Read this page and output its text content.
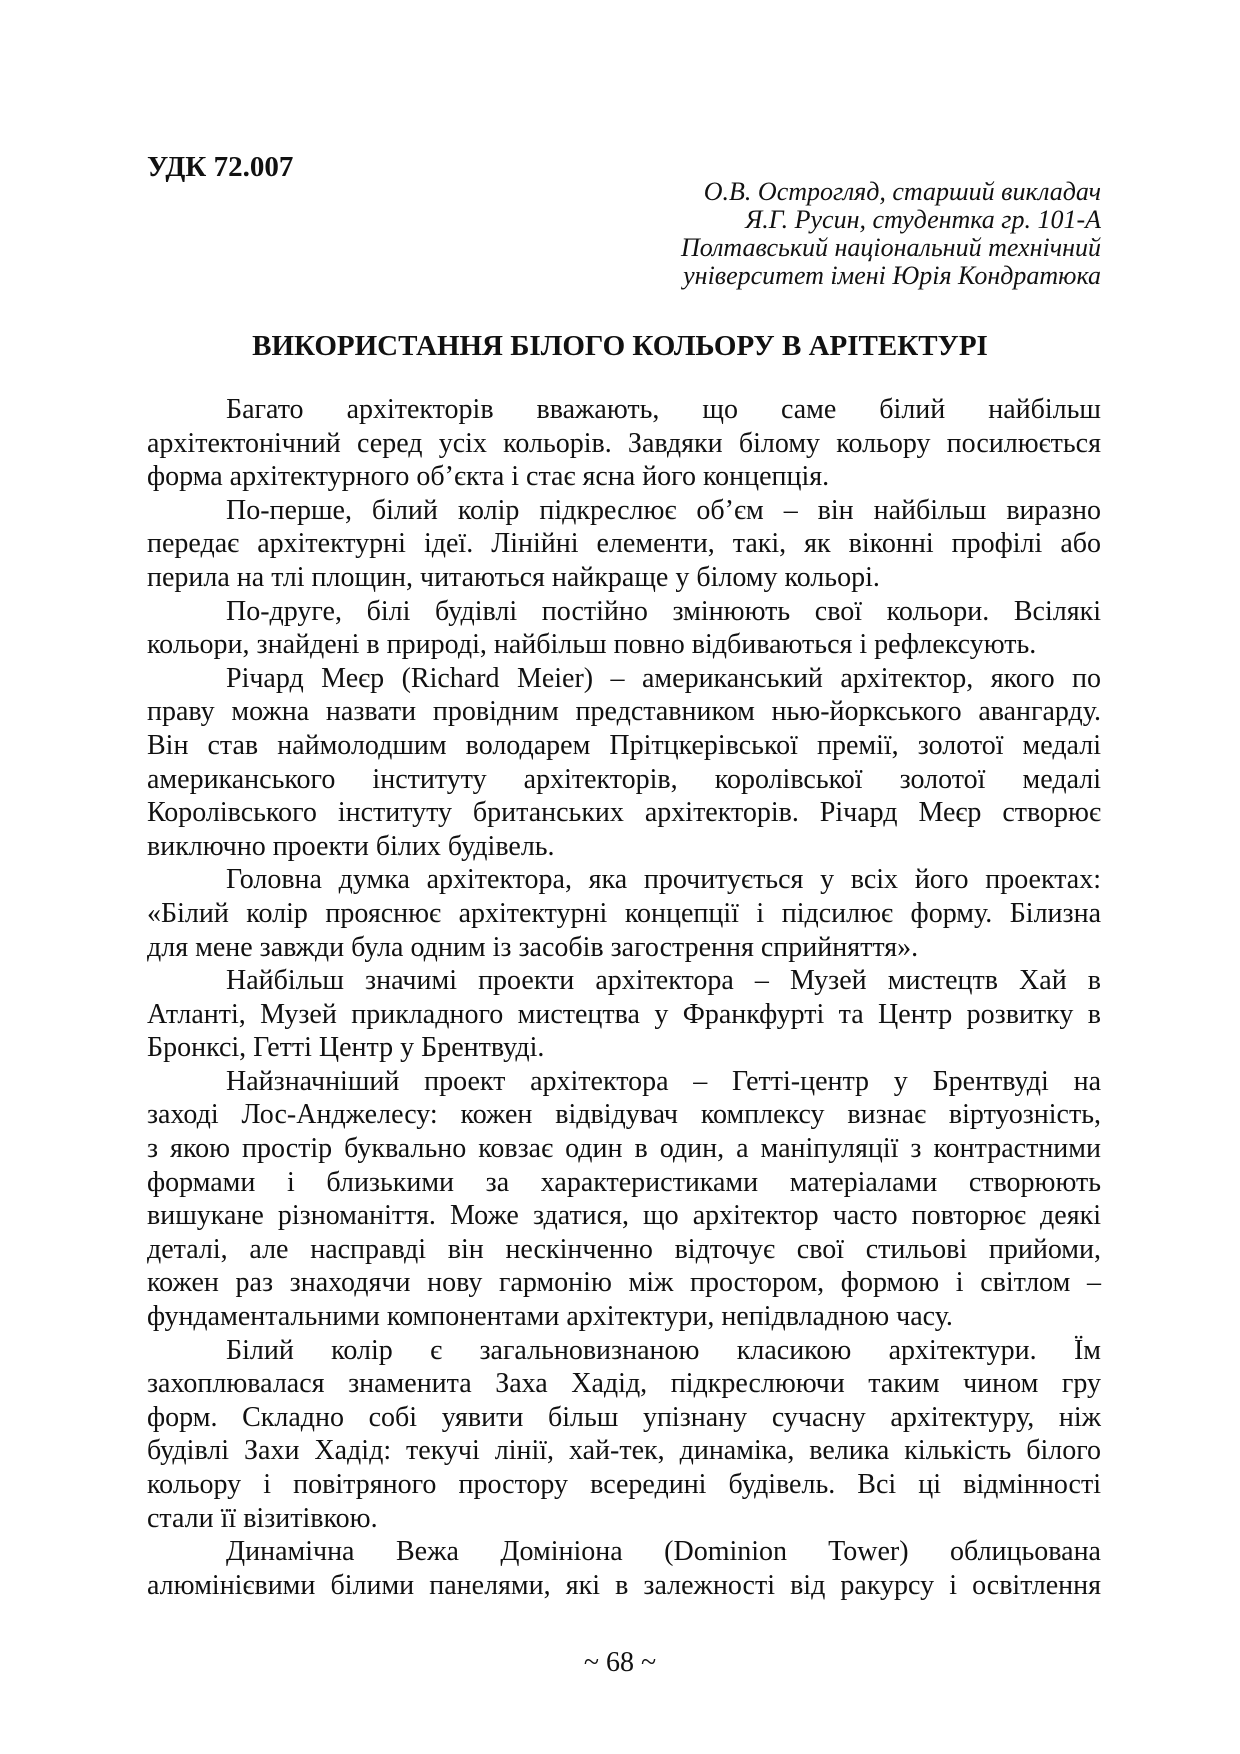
УДК 72.007
О.В. Острогляд, старший викладач
Я.Г. Русин, студентка гр. 101-А
Полтавський національний технічний
університет імені Юрія Кондратюка
ВИКОРИСТАННЯ БІЛОГО КОЛЬОРУ В АРІТЕКТУРІ
Багато архітекторів вважають, що саме білий найбільш
архітектонічний серед усіх кольорів. Завдяки білому кольору посилюється
форма архітектурного об’єкта і стає ясна його концепція.
По-перше, білий колір підкреслює об’єм – він найбільш виразно
передає архітектурні ідеї. Лінійні елементи, такі, як віконні профілі або
перила на тлі площин, читаються найкраще у білому кольорі.
По-друге, білі будівлі постійно змінюють свої кольори. Всілякі
кольори, знайдені в природі, найбільш повно відбиваються і рефлексують.
Річард Меєр (Richard Meier) – американський архітектор, якого по
праву можна назвати провідним представником нью-йоркського авангарду.
Він став наймолодшим володарем Прітцкерівської премії, золотої медалі
американського інституту архітекторів, королівської золотої медалі
Королівського інституту британських архітекторів. Річард Меєр створює
виключно проекти білих будівель.
Головна думка архітектора, яка прочитується у всіх його проектах:
«Білий колір прояснює архітектурні концепції і підсилює форму. Білизна
для мене завжди була одним із засобів загострення сприйняття».
Найбільш значимі проекти архітектора – Музей мистецтв Хай в
Атланті, Музей прикладного мистецтва у Франкфурті та Центр розвитку в
Бронксі, Гетті Центр у Брентвуді.
Найзначніший проект архітектора – Гетті-центр у Брентвуді на
заході Лос-Анджелесу: кожен відвідувач комплексу визнає віртуозність,
з якою простір буквально ковзає один в один, а маніпуляції з контрастними
формами і близькими за характеристиками матеріалами створюють
вишукане різноманіття. Може здатися, що архітектор часто повторює деякі
деталі, але насправді він нескінченно відточує свої стильові прийоми,
кожен раз знаходячи нову гармонію між простором, формою і світлом –
фундаментальними компонентами архітектури, непідвладною часу.
Білий колір є загальновизнаною класикою архітектури. Їм
захоплювалася знаменита Заха Хадід, підкреслюючи таким чином гру
форм. Складно собі уявити більш упізнану сучасну архітектуру, ніж
будівлі Захи Хадід: текучі лінії, хай-тек, динаміка, велика кількість білого
кольору і повітряного простору всередині будівель. Всі ці відмінності
стали її візитівкою.
Динамічна Вежа Домініона (Dominion Tower) облицьована
алюмінієвими білими панелями, які в залежності від ракурсу і освітлення
~ 68 ~
